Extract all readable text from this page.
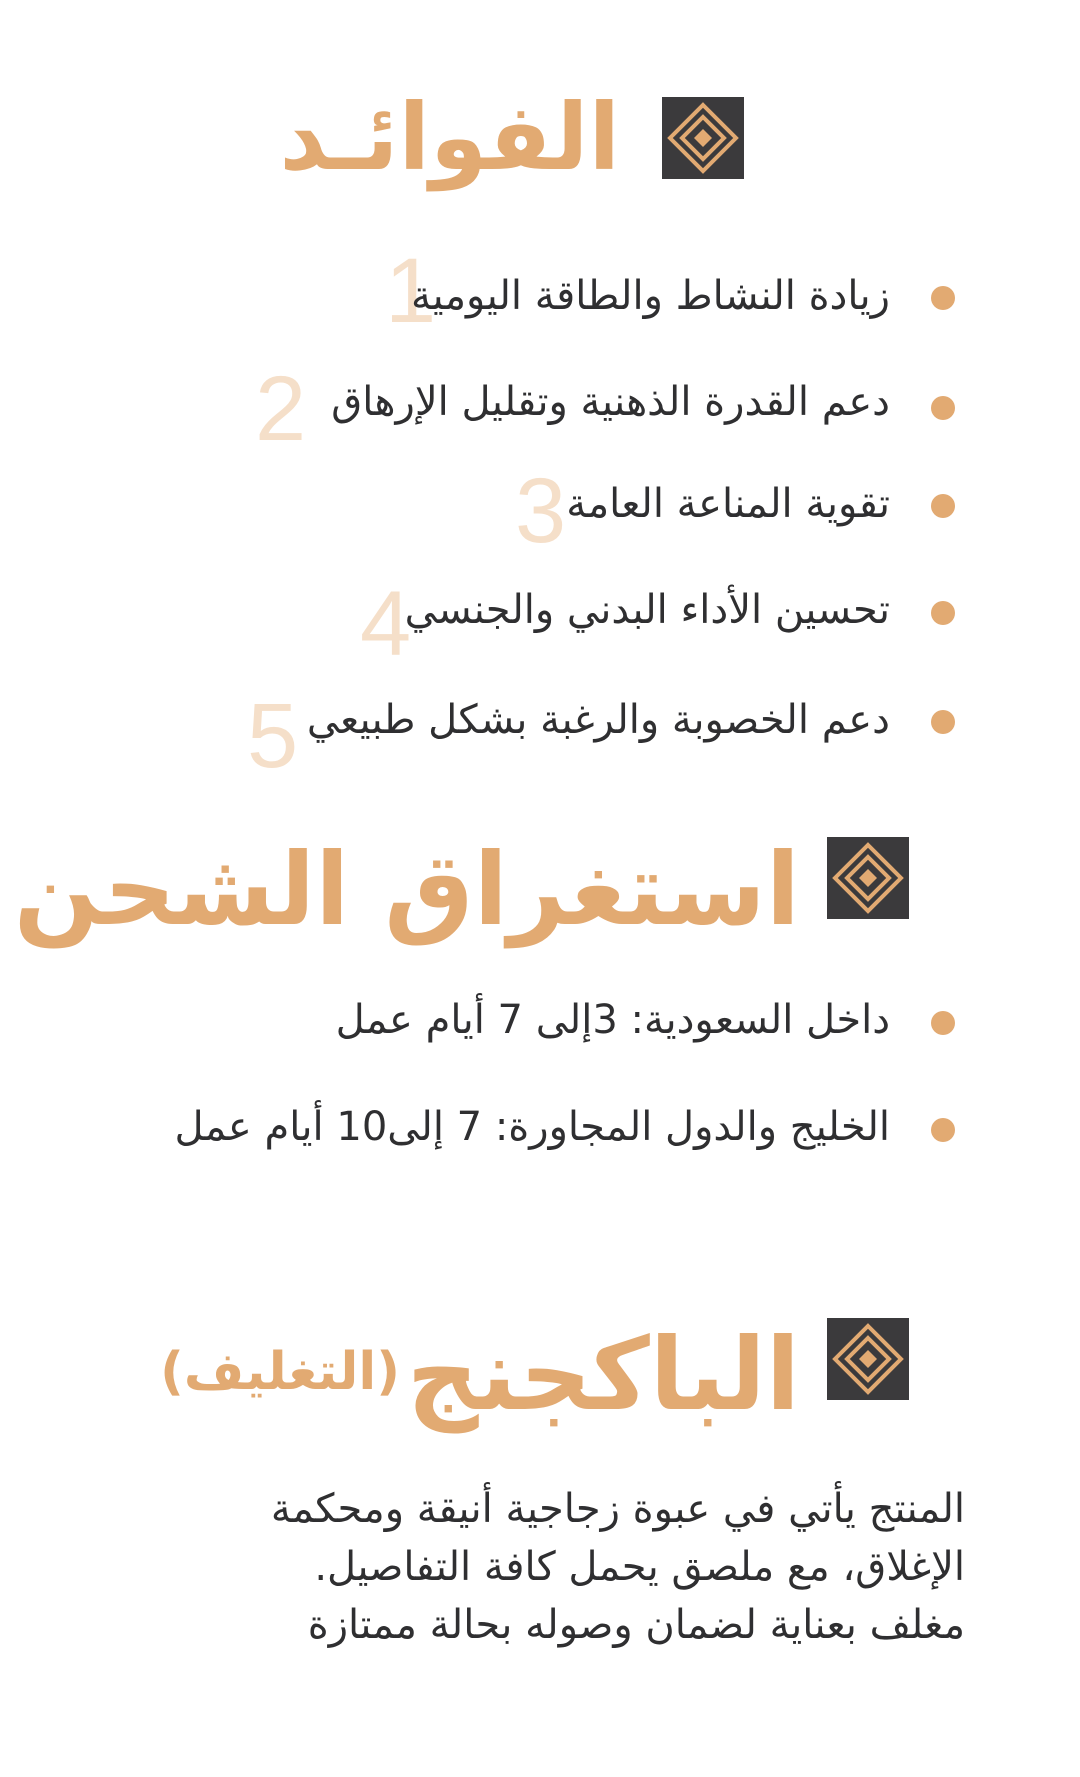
الفوائـد
1
زيادة النشاط والطاقة اليومية
2 دعم القدرة الذهنية وتقليل الإرهاق
3 تقوية المناعة العامة
4
تحسين الأداء البدني والجنسي
5 دعم الخصوبة والرغبة بشكل طبيعي
استغراق الشحن
داخل السعودية: 3إلى 7 أيام عمل
الخليج والدول المجاورة: 7 إلى10 أيام عمل
الباكجنج
(التغليف)
المنتج يأتي في عبوة زجاجية أنيقة ومحكمة
الإغلاق، مع ملصق يحمل كافة التفاصيل.
مغلف بعناية لضمان وصوله بحالة ممتازة
